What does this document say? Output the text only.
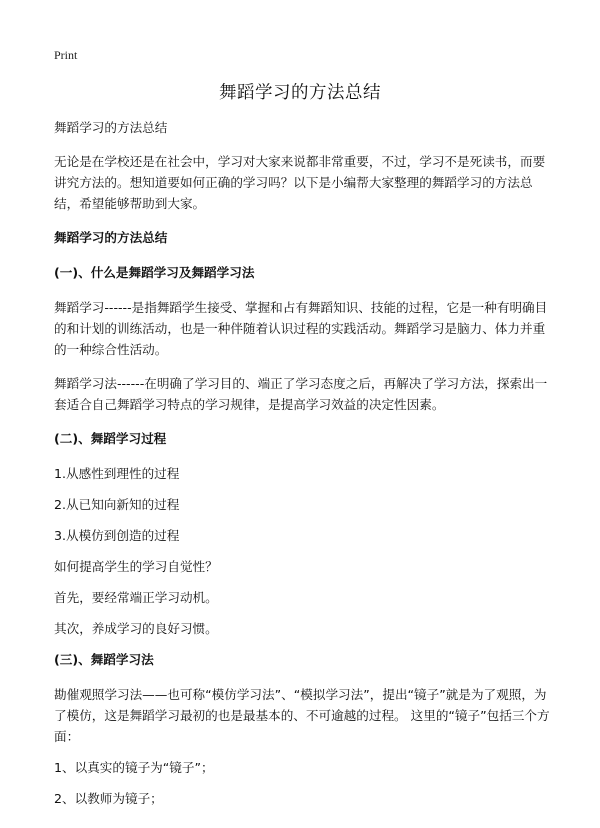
Print
舞蹈学习的方法总结

舞蹈学习的方法总结

无论是在学校还是在社会中，学习对大家来说都非常重要，不过，学习不是死读书，而要讲究方法的。想知道要如何正确的学习吗？以下是小编帮大家整理的舞蹈学习的方法总结，希望能够帮助到大家。

舞蹈学习的方法总结

(一)、什么是舞蹈学习及舞蹈学习法

舞蹈学习------是指舞蹈学生接受、掌握和占有舞蹈知识、技能的过程，它是一种有明确目的和计划的训练活动，也是一种伴随着认识过程的实践活动。舞蹈学习是脑力、体力并重的一种综合性活动。

舞蹈学习法------在明确了学习目的、端正了学习态度之后，再解决了学习方法，探索出一套适合自己舞蹈学习特点的学习规律，是提高学习效益的决定性因素。

(二)、舞蹈学习过程

1.从感性到理性的过程

2.从已知向新知的过程

3.从模仿到创造的过程

如何提高学生的学习自觉性？

首先，要经常端正学习动机。

其次，养成学习的良好习惯。

(三)、舞蹈学习法

勘催观照学习法——也可称“模仿学习法”、“模拟学习法”，提出“镜子”就是为了观照，为了模仿，这是舞蹈学习最初的也是最基本的、不可逾越的过程。 这里的“镜子”包括三个方面：

1、以真实的镜子为“镜子”；

2、以教师为镜子；
